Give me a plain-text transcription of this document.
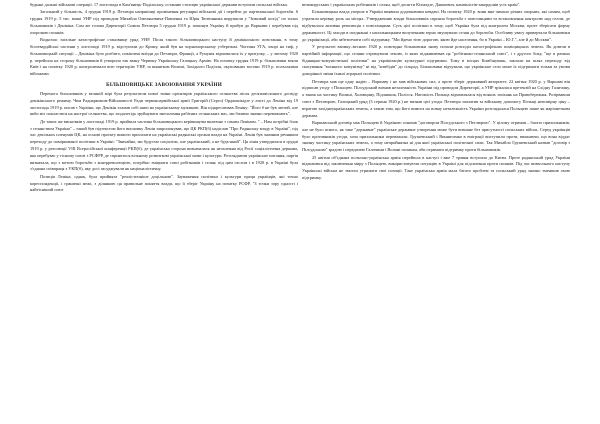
будьякі дальші військові операції. 17 листопада в Кам'янець-Подільську, останню столицю української держави вступили польські війська.

Загальний у більшість, 4 грудня 1919 р. Петлюра наприкінці промінення регулярні військові дії і перейти до партизанської боротьби. 6 грудня 1919 р. 5 тис. воякі УНР під проводом Михайла Омеляновича-Павленка та Юрія Тютюнника вирушили у "Зимовий похід" по тилах більшовиків і Денікіна. Сам же голова Директорії Симон Петлюра 5 грудня 1919 р. покинув Україну й прибув до Варшави і перебував під охороною поляків.

Водночас загальне катастрофічне становище уряд УНР. Після такого більшовицького наступу й денікінського повстання, в тому білогвардійські частини у листопаді 1919 р. відступили до Криму, який був на чорноморському узбережжі. Частина УГА, хворі на тиф, у більшовицькій ситуації – Денікіна було розбито, покінчені виїзди до Петлюри, Франції, а Румунія відмовилася їх у притулку, – у лютому 1920 р. перейшла на сторону більшовиків й утворила так звану Червону Українську Галицьку Армію. На початку грудня 1919 р. більшовики взяли Київ і на початку 1920 р. контролювали всю територію УНР, за винятком Волині, Західного Поділля, окупованих восени 1919 р. польськими військами.

БІЛЬШОВИЦЬКЕ ЗАВОЮВАННЯ УКРАЇНИ

Перемога більшовиків у великій мірі була результатом нової зміни орієнтирів українського селянства після десятимісячного досвіду денікінського режиму. Чим Раднаркомом-Військовості Ради червоноармійської армії Григорій (Серго) Орджонікідзе у листі до Леніна від 19 листопада 1919 р. писав з України, що Денікін зламав собі шию на українському мужикові. Він підкреслював Леніну: "Його б не був лютий, але якби міг покластися на настрої селянства, що заздалегідь зруйнувати знесилення рабітних селянських мас, ми бачимо значно переважають".

До таких же висновків у листопаді 1919 р. прийшла частина більшовицького керівництва включно з самим Леніним. "... Нам потрібні блок з селянством України" – такий був підтекстом його висновку Ленін запропонував, що ЦК РКП(б) надіслав "Про Радянську владу в Україні", під час декількох пленумів ЦК, на основі проєкту вимоги присилати на українські радянські органи влади на Україні. Ленін був значним речником переходу до поміркованої політики в Україні: "Звичайно, ми будуємо соціалізм, але український, а не будь-який". Ця лінія утвердилася в грудні 1919 р. у резолюції VIII Всеросійської конференції РКП(б), де українська сторона визначалася як незалежна від Росії соціалістична держава, яка перебуває у тісному союзі з РСФРР, де сприяється вільному розвиткові української мови і культури. Розглядаючи українське питання, партія визначала, що з метою боротьби з контрреволюцією, потрібно зміцнити союз робітників і селян; під цим гаслом і в 1920 р. в Україні була з'єднана співпраця з УКП(б), яку досі засуджували як націоналістичну.

Позиція Леніна, однак, була прийнята "реалістичніше доцільною". Зауваження політики і культури праця українців, які точно кореспонденції, і граничні межі, з ділянкою ця правильне поняття влади, що її зберіг Україну на початку РСФР. "З точки зору єдності і найтісніший союз

великоруських і українських робітників і селян, щоб досягти Кіхмадзе, Дашкевич, кампіністів-закордонів усіх країн".

Більшовицька влада уперше в Україні виявила додатковими невдачі. На початку 1920 р. вони вже чимало різних опорних, які самим, щоб утратили керівну роль на місцях. Утвердженню влади більшовиків сприяла боротьба з повстанцями та встановлення контролю над селом, де відбувалася активна революція з повстанцями. Суть цієї політики в тому, щоб Україна була під контролем Москви, проте зберігати форму державності. Ці заходи в поєднанні з насильницьким вилученням зерна змушували селян до боротьби. Особливу увагу привертали більшовики до українізації, аби забезпечити собі підтримку. "Ми йдемо тією дорогою, якою йде населення, бо в Україні – Ю.Г.", але й до Москви".

У результаті взимку–весною 1920 р. повсюдно більшовики знову почали розподіл катастрофічних поміщицьких земель. Як довели в партійній інформації, що селяни отримували землю, із яких підживлював ця "робітнико-селянський союз", і з другого боку, "ще в рамках бідняцько-комуністичної політики" на українізацію культурної підтримки. Тому в місцях Комбінувань, заклали на шлях переходу від скасування "воєнного комунізму" ні від "комбідів" до сільрад. Більшовики відчували, що українське село може їх пiдтримати тільки за умови докорінної зміни їхньої аграрної політики.

Петлюра мав ще одну надію – Варшаву і не мав військових сил, а проте зберіг державний авторитет. 22 квітня 1920 р. у Варшаві він підписав угоду з Польщею. Пілсудський визнав незалежність України під проводом Директорії, а УНР зрікалася претензій на Східну Галичину, а також на частину Волині, Холмщину, Підляшшя, Полісся. Натомість Польща відмовлялася від всяких зазіхань на Правобережжя. Розірвавши союз з Петлюрою, Галицький уряд (3 серпня 1920 р.) не визнав цієї угоди. Петлюра заплатив за військову допомогу Польщі непомірну ціну – втратою західноукраїнських земель, а також тим, що його вимога на повну незалежність України розглядалася Польщею лише як маріонеткова держава.

Варшавський договір між Польщею й Україною означав "договором Пілсудського з Петлюрою". У цілому отримав – багато прихильників, але не було ясного, як таке "державне" українське державне утворення може бути визнане без присутності польських військ. Серед українців було противників угоди, хоча прихильники переважали. Грушевський і Винниченко в еміграції виступили проти, вважаючи, що вона віддає значну частину українських земель, а тому неприйнятна ні для якої української політичної сили. Так Михайло Грушевський назвав "договір з Пілсудським" зрадою і передачею Галичини і Волині полякам, аби отримати підтримку проти більшовиків.

25 квітня об'єднана польсько-українська армія перейшла в наступ і вже 7 травня вступила до Києва. Проте радянський уряд України відмовився від заключення миру з Польщею, використовуючи ситуацію в Україні для підсилення проти поляків. Під час визвольного наступу Українські війська не змогли утримати свої позиції. Таке українська армія мала багато проблем та польський уряд значно зменшив свою підтримку.
